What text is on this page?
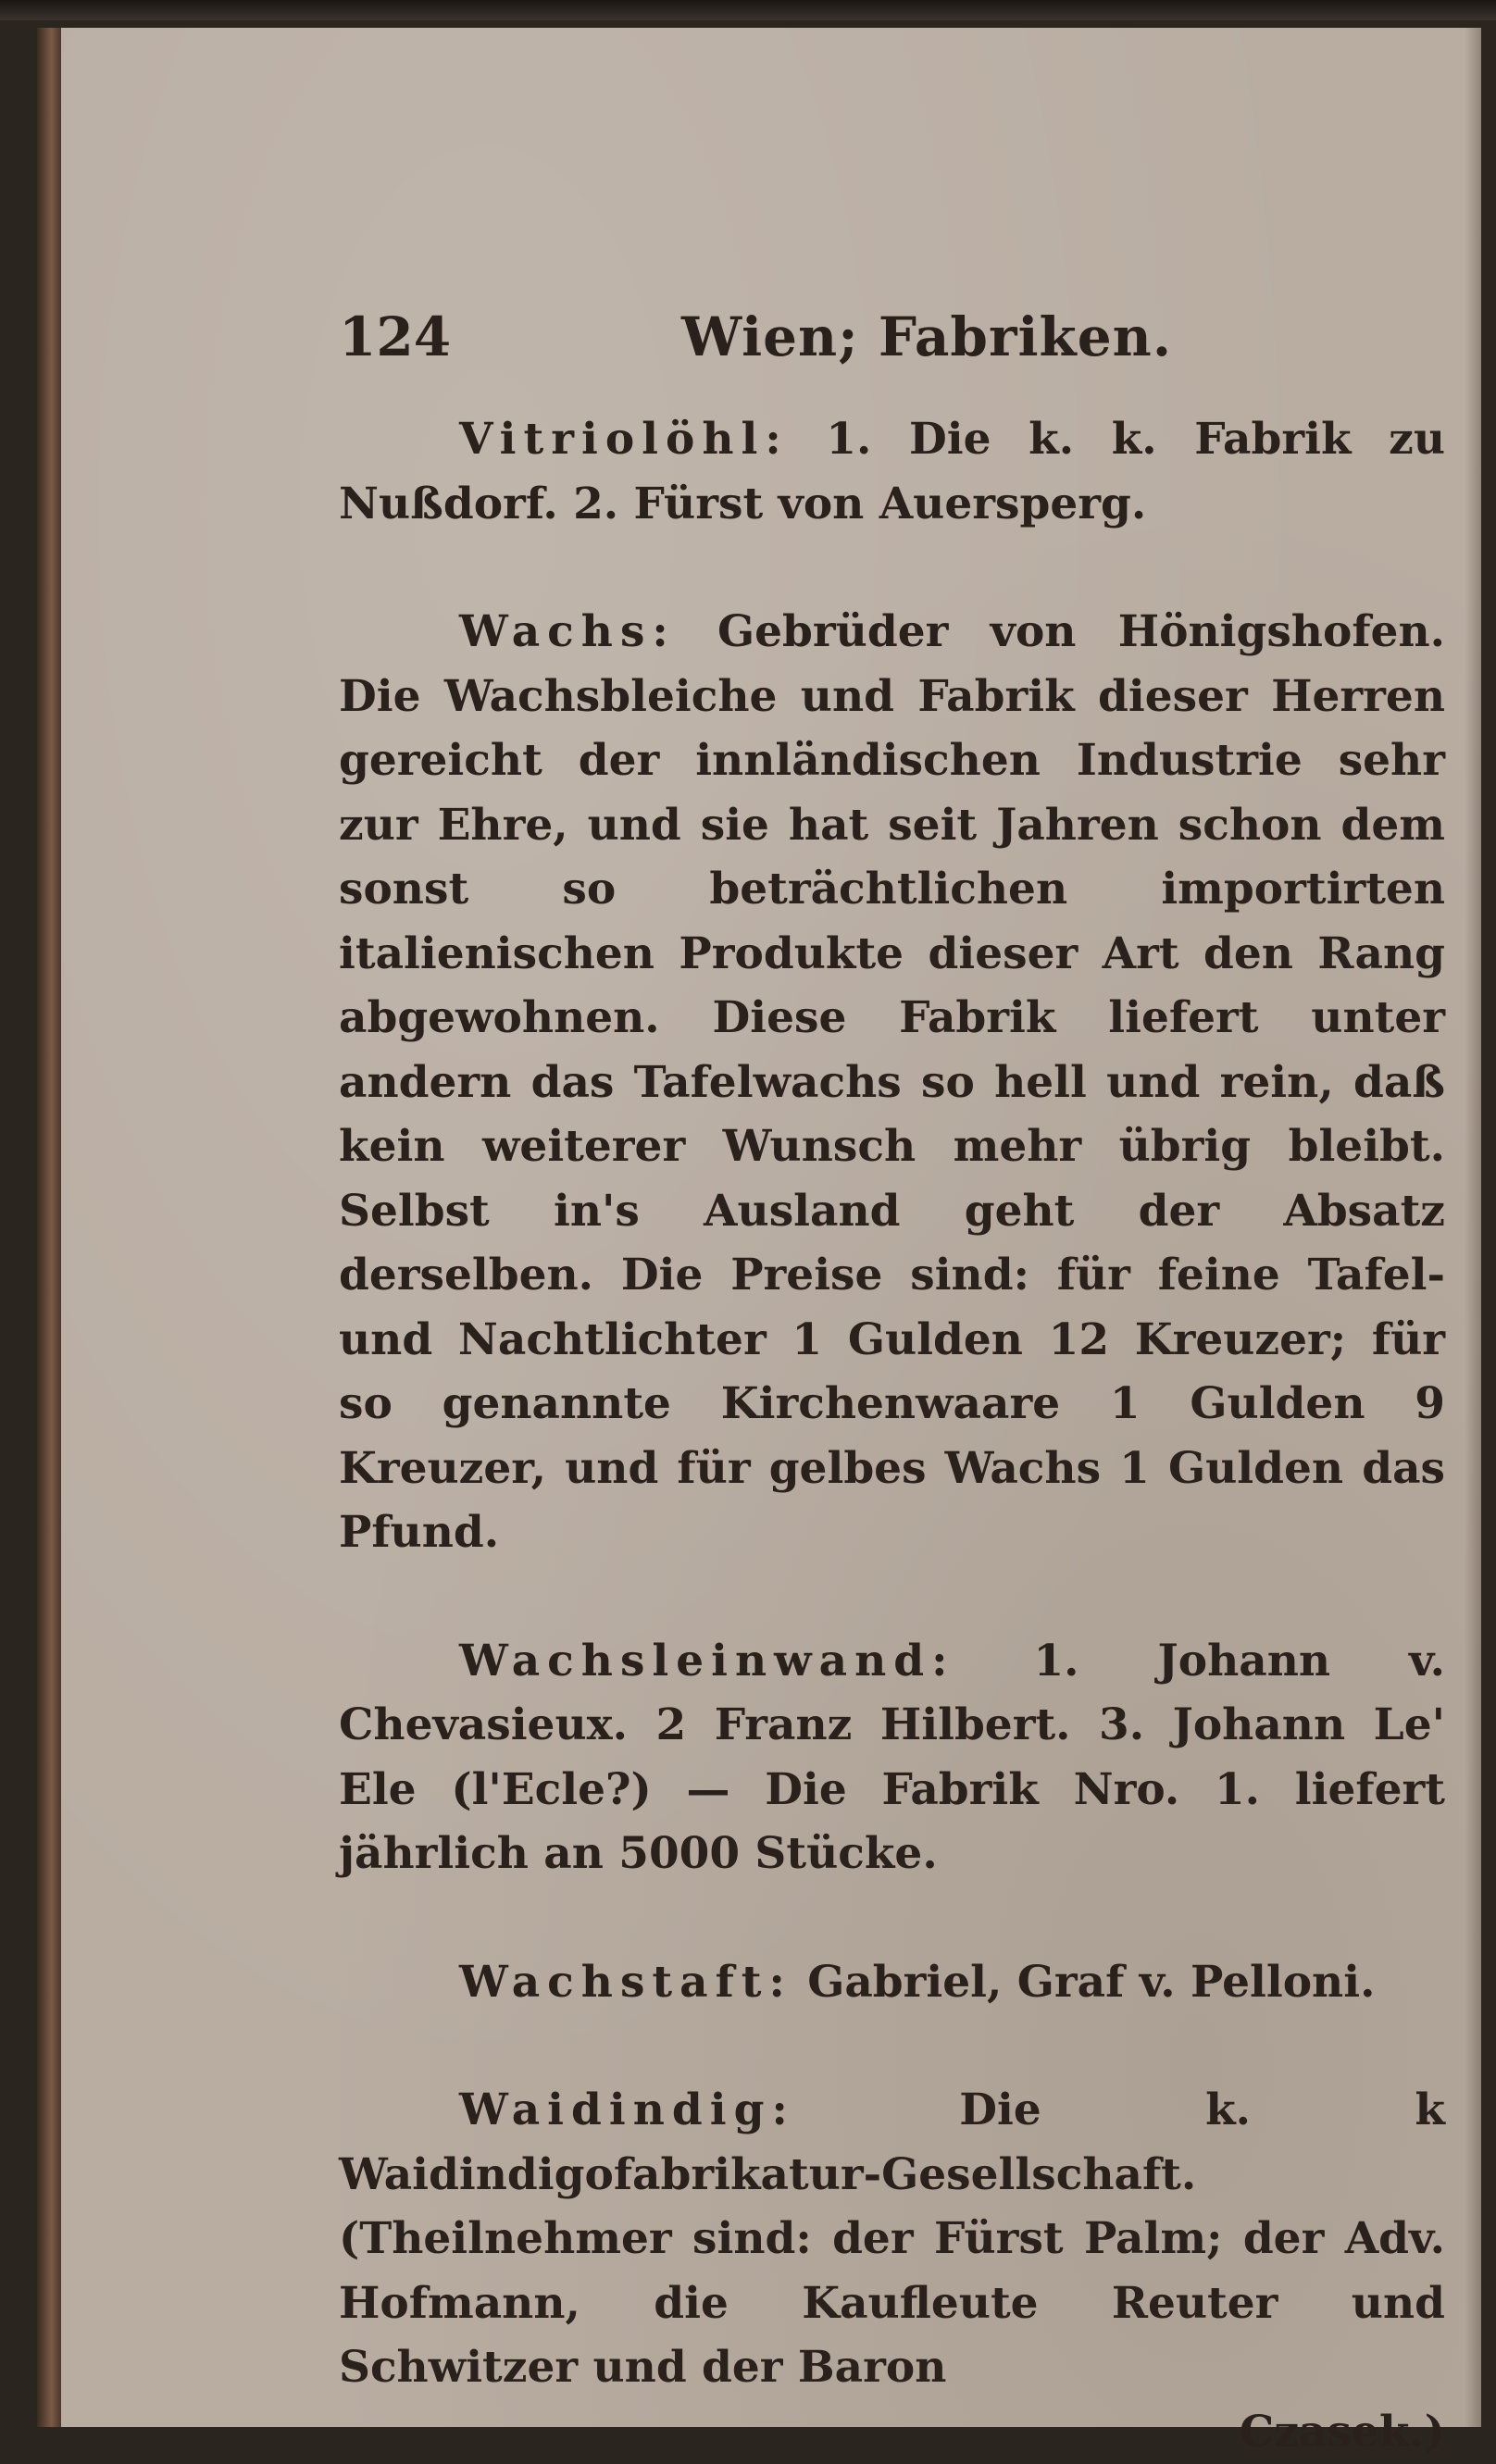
124	Wien; Fabriken.

Vitriolöhl: 1. Die k. k. Fabrik zu Nußdorf. 2. Fürst von Auersperg.

Wachs: Gebrüder von Hönigshofen. Die Wachsbleiche und Fabrik dieser Herren gereicht der innländischen Industrie sehr zur Ehre, und sie hat seit Jahren schon dem sonst so beträchtlichen importirten italienischen Produkte dieser Art den Rang abgewohnen. Diese Fabrik liefert unter andern das Tafelwachs so hell und rein, daß kein weiterer Wunsch mehr übrig bleibt. Selbst in's Ausland geht der Absatz derselben. Die Preise sind: für feine Tafel- und Nachtlichter 1 Gulden 12 Kreuzer; für so genannte Kirchenwaare 1 Gulden 9 Kreuzer, und für gelbes Wachs 1 Gulden das Pfund.

Wachsleinwand: 1. Johann v. Chevasieux. 2 Franz Hilbert. 3. Johann Le' Ele (l'Ecle?) — Die Fabrik Nro. 1. liefert jährlich an 5000 Stücke.

Wachstaft: Gabriel, Graf v. Pelloni.

Waidindig: Die k. k Waidindigofabrikatur-Gesellschaft. (Theilnehmer sind: der Fürst Palm; der Adv. Hofmann, die Kaufleute Reuter und Schwitzer und der Baron
Czasek.)
